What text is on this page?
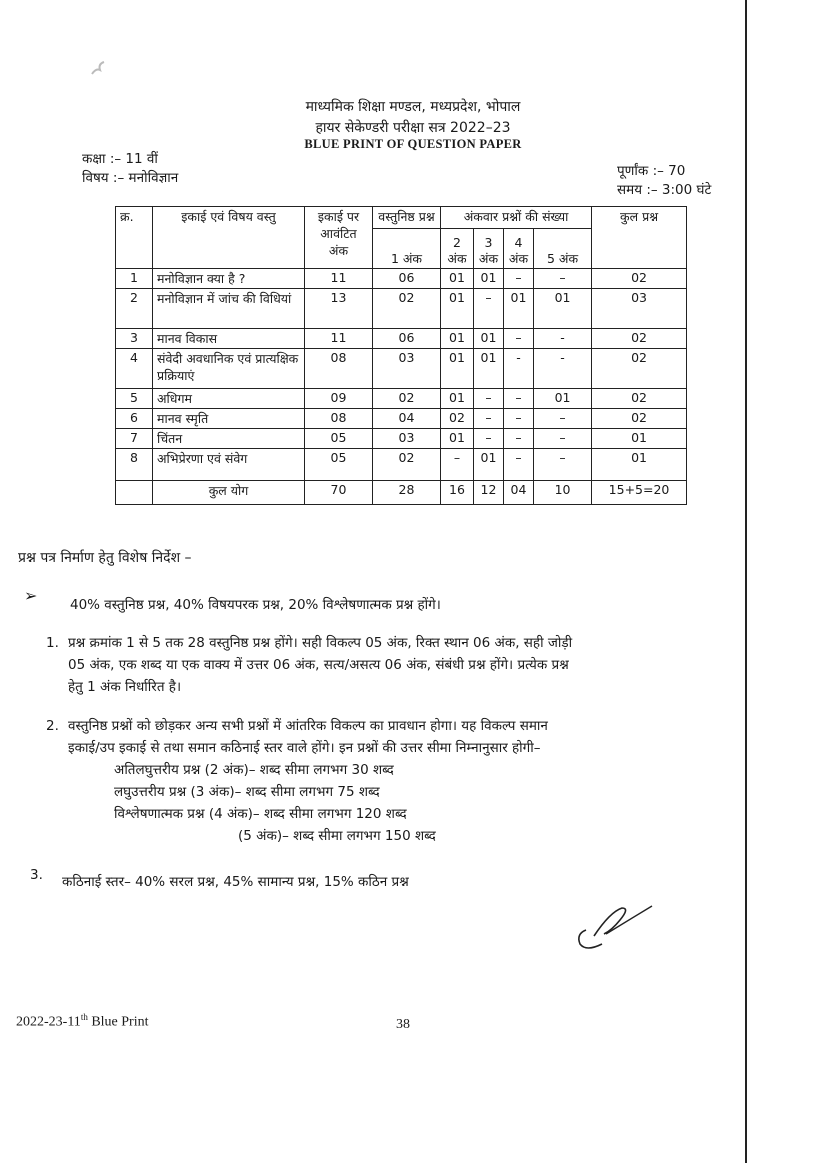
माध्यमिक शिक्षा मण्डल, मध्यप्रदेश, भोपाल
हायर सेकेण्डरी परीक्षा सत्र 2022–23
BLUE PRINT OF QUESTION PAPER
कक्षा :– 11 वीं
विषय :– मनोविज्ञान	पूर्णांक :– 70
समय :– 3:00 घंटे
क्र.	इकाई एवं विषय वस्तु	इकाई पर आवंटित अंक	वस्तुनिष्ठ प्रश्न	अंकवार प्रश्नों की संख्या				कुल प्रश्न
			1 अंक	2 अंक	3 अंक	4 अंक	5 अंक	
1	मनोविज्ञान क्या है ?	11	06	01	01	–	–	02
2	मनोविज्ञान में जांच की विधियां	13	02	01	–	01	01	03
3	मानव विकास	11	06	01	01	–	-	02
4	संवेदी अवधानिक एवं प्रात्यक्षिक प्रक्रियाएं	08	03	01	01	-	-	02
5	अधिगम	09	02	01	–	–	01	02
6	मानव स्मृति	08	04	02	–	–	–	02
7	चिंतन	05	03	01	–	–	–	01
8	अभिप्रेरणा एवं संवेग	05	02	–	01	–	–	01
	कुल योग	70	28	16	12	04	10	15+5=20
प्रश्न पत्र निर्माण हेतु विशेष निर्देश –
➢ 40% वस्तुनिष्ठ प्रश्न, 40% विषयपरक प्रश्न, 20% विश्लेषणात्मक प्रश्न होंगे।
1. प्रश्न क्रमांक 1 से 5 तक 28 वस्तुनिष्ठ प्रश्न होंगे। सही विकल्प 05 अंक, रिक्त स्थान 06 अंक, सही जोड़ी
05 अंक, एक शब्द या एक वाक्य में उत्तर 06 अंक, सत्य/असत्य 06 अंक, संबंधी प्रश्न होंगे। प्रत्येक प्रश्न
हेतु 1 अंक निर्धारित है।
2. वस्तुनिष्ठ प्रश्नों को छोड़कर अन्य सभी प्रश्नों में आंतरिक विकल्प का प्रावधान होगा। यह विकल्प समान
इकाई/उप इकाई से तथा समान कठिनाई स्तर वाले होंगे। इन प्रश्नों की उत्तर सीमा निम्नानुसार होगी–
अतिलघुत्तरीय प्रश्न (2 अंक)– शब्द सीमा लगभग 30 शब्द
लघुउत्तरीय प्रश्न (3 अंक)– शब्द सीमा लगभग 75 शब्द
विश्लेषणात्मक प्रश्न (4 अंक)– शब्द सीमा लगभग 120 शब्द
(5 अंक)– शब्द सीमा लगभग 150 शब्द
3. कठिनाई स्तर– 40% सरल प्रश्न, 45% सामान्य प्रश्न, 15% कठिन प्रश्न
2022-23-11th Blue Print	38
